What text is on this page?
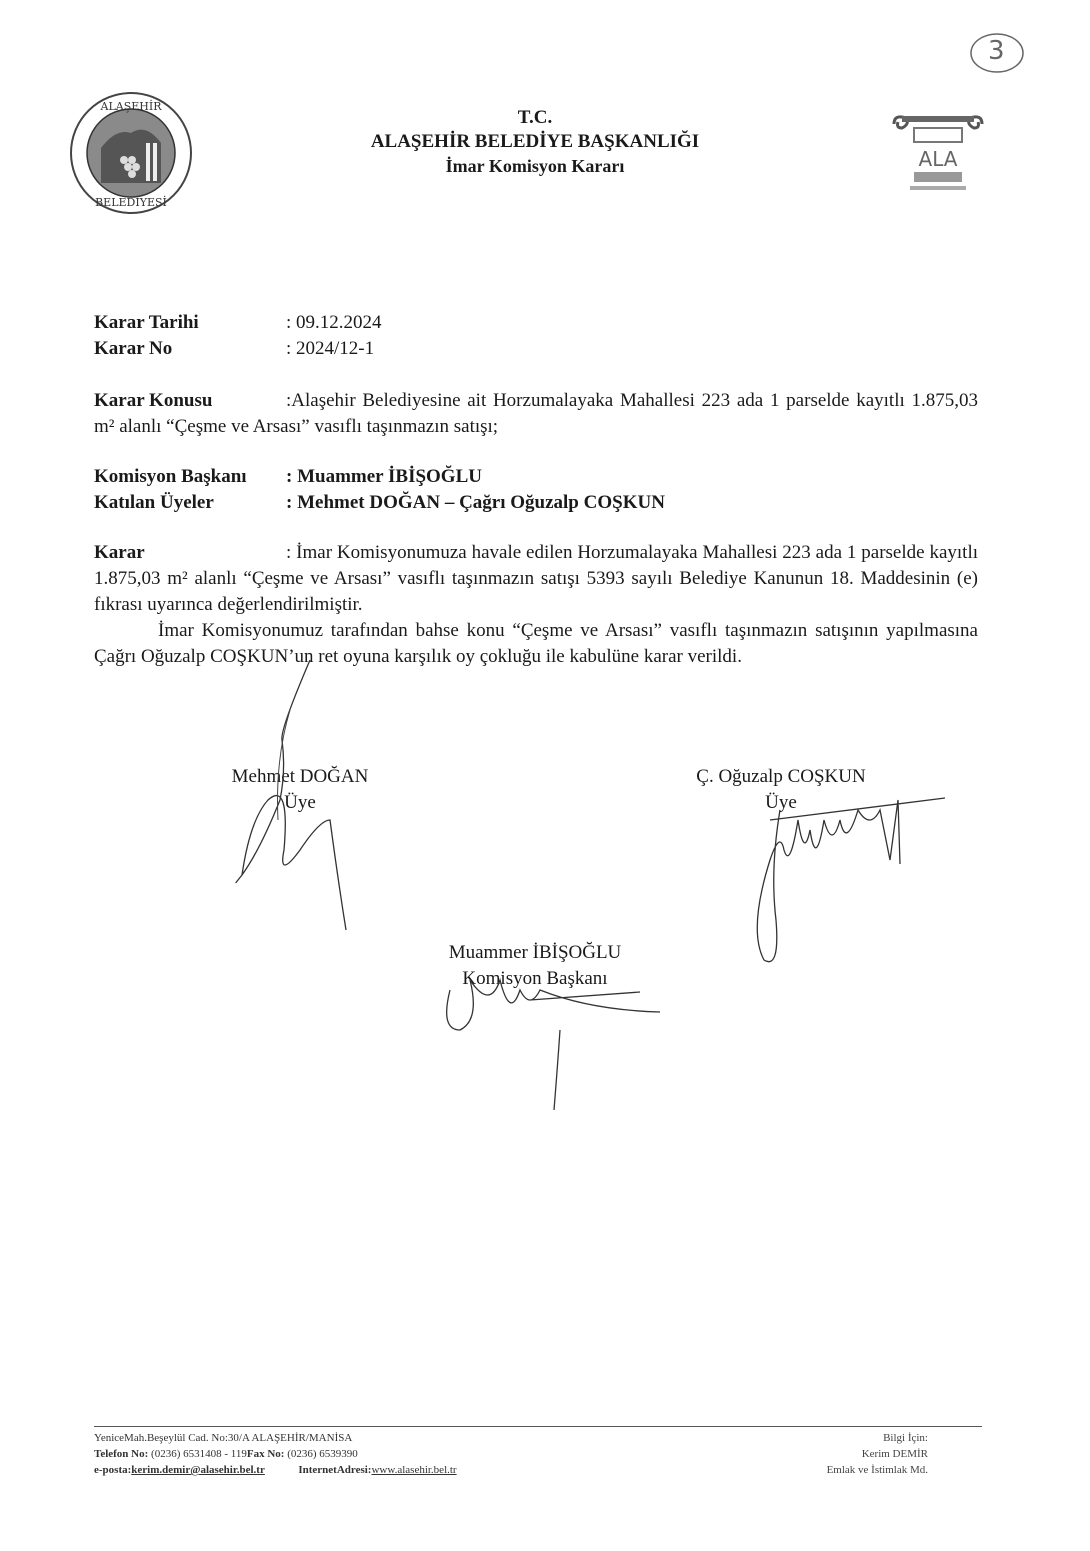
3
ALAŞEHİR
BELEDİYESİ
ALA
T.C.
ALAŞEHİR BELEDİYE BAŞKANLIĞI
İmar Komisyon Kararı
Karar Tarihi	: 09.12.2024
Karar No	: 2024/12-1
Karar Konusu	:Alaşehir Belediyesine ait Horzumalayaka Mahallesi 223 ada 1 parselde kayıtlı 1.875,03 m² alanlı “Çeşme ve Arsası” vasıflı taşınmazın satışı;
Komisyon Başkanı : Muammer İBİŞOĞLU
Katılan Üyeler	: Mehmet DOĞAN – Çağrı Oğuzalp COŞKUN
Karar	: İmar Komisyonumuza havale edilen Horzumalayaka Mahallesi 223 ada 1 parselde kayıtlı 1.875,03 m² alanlı “Çeşme ve Arsası” vasıflı taşınmazın satışı 5393 sayılı Belediye Kanunun 18. Maddesinin (e) fıkrası uyarınca değerlendirilmiştir.
İmar Komisyonumuz tarafından bahse konu “Çeşme ve Arsası” vasıflı taşınmazın satışının yapılmasına Çağrı Oğuzalp COŞKUN’un ret oyuna karşılık oy çokluğu ile kabulüne karar verildi.
Mehmet DOĞAN
Üye
Ç. Oğuzalp COŞKUN
Üye
Muammer İBİŞOĞLU
Komisyon Başkanı
YeniceMah.Beşeylül Cad. No:30/A ALAŞEHİR/MANİSA
Telefon No: (0236) 6531408 - 119Fax No: (0236) 6539390
e-posta:kerim.demir@alasehir.bel.tr	InternetAdresi:www.alasehir.bel.tr
Bilgi İçin:
Kerim DEMİR
Emlak ve İstimlak Md.
